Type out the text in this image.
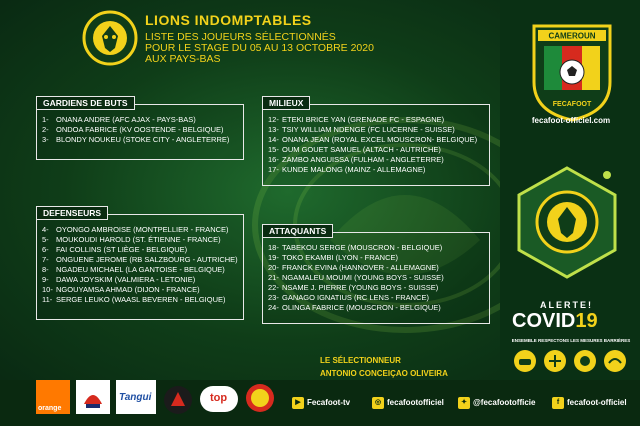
LIONS INDOMPTABLES
LISTE DES JOUEURS SÉLECTIONNÉS
POUR LE STAGE DU 05 AU 13 OCTOBRE 2020
AUX PAYS-BAS
GARDIENS DE BUTS
1- ONANA ANDRE (AFC AJAX - PAYS-BAS)
2- ONDOA FABRICE (KV OOSTENDE - BELGIQUE)
3- BLONDY NOUKEU (STOKE CITY - ANGLETERRE)
DEFENSEURS
4- OYONGO AMBROISE (MONTPELLIER - FRANCE)
5- MOUKOUDI HAROLD (ST. ÉTIENNE - FRANCE)
6- FAI COLLINS (ST LIÈGE - BELGIQUE)
7- ONGUENE JEROME (RB SALZBOURG - AUTRICHE)
8- NGADEU MICHAEL (LA GANTOISE - BELGIQUE)
9- DAWA JOYSKIM (VALMIERA - LETONIE)
10- NGOUYAMSA AHMAD (DIJON - FRANCE)
11- SERGE LEUKO (WAASL BEVEREN - BELGIQUE)
MILIEUX
12- ETEKI BRICE YAN (GRENADE FC - ESPAGNE)
13- TSIY WILLIAM NDENGE (FC LUCERNE - SUISSE)
14- ONANA JEAN (ROYAL EXCEL MOUSCRON- BELGIQUE)
15- OUM GOUET SAMUEL (ALTACH - AUTRICHE)
16- ZAMBO ANGUISSA (FULHAM - ANGLETERRE)
17- KUNDE MALONG (MAINZ - ALLEMAGNE)
ATTAQUANTS
18- TABEKOU SERGE (MOUSCRON - BELGIQUE)
19- TOKO EKAMBI (LYON - FRANCE)
20- FRANCK EVINA (HANNOVER - ALLEMAGNE)
21- NGAMALEU MOUMI (YOUNG BOYS - SUISSE)
22- NSAME J. PIERRE (YOUNG BOYS - SUISSE)
23- GANAGO IGNATIUS (RC LENS - FRANCE)
24- OLINGA FABRICE (MOUSCRON - BELGIQUE)
LE SÉLECTIONNEUR
ANTONIO CONCEIÇAO OLIVEIRA
CAMEROUN
FECAFOOT
fecafoot-officiel.com
ALERTE!
COVID19
ENSEMBLE RESPECTONS LES MESURES BARRIÈRES
orange
Tangui	top	▶ Fecafoot-tv	◎ fecafootofficiel	✦ @fecafootofficie	f fecafoot-officiel
